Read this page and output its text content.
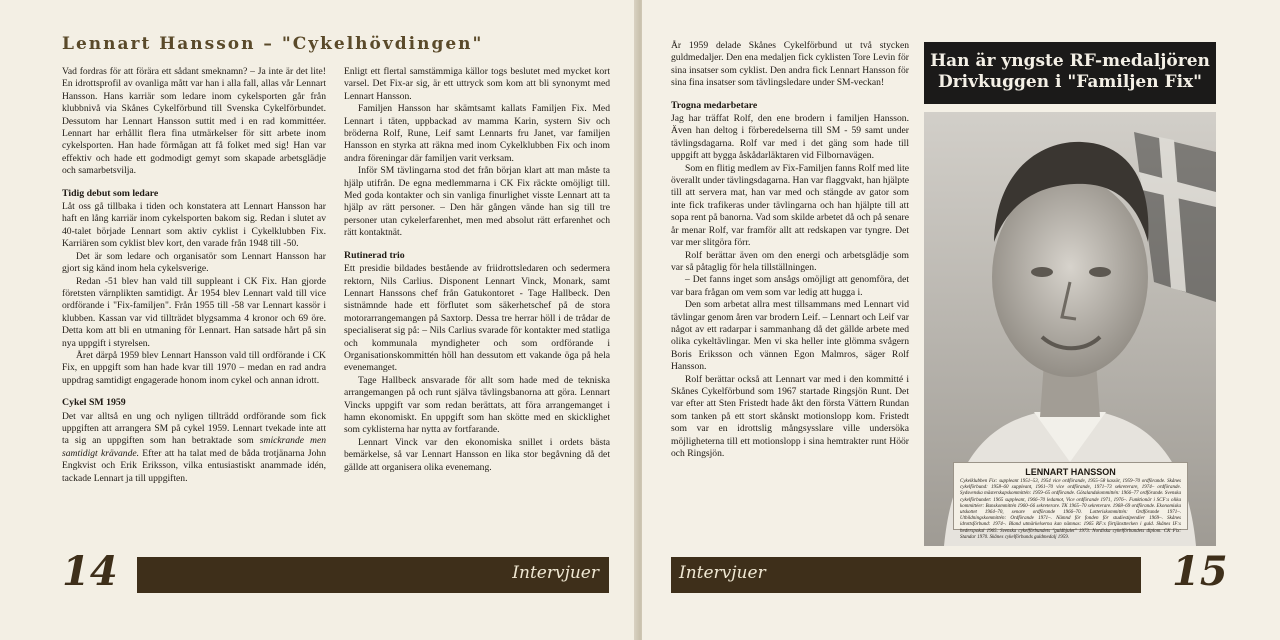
Lennart Hansson – "Cykelhövdingen"

Vad fordras för att förära ett sådant smeknamn? – Ja inte är det lite! En idrottsprofil av ovanliga mått var han i alla fall, allas vår Lennart Hansson. Hans karriär som ledare inom cykelsporten går från klubbnivå via Skånes Cykelförbund till Svenska Cykelförbundet. Dessutom har Lennart Hansson suttit med i en rad kommittéer. Lennart har erhållit flera fina utmärkelser för sitt arbete inom cykelsporten. Han hade förmågan att få folket med sig! Han var effektiv och hade ett godmodigt gemyt som skapade arbetsglädje och samarbetsvilja.

Tidig debut som ledare

Låt oss gå tillbaka i tiden och konstatera att Lennart Hansson har haft en lång karriär inom cykelsporten bakom sig. Redan i slutet av 40-talet började Lennart som aktiv cyklist i Cykelklubben Fix. Karriären som cyklist blev kort, den varade från 1948 till -50.

Det är som ledare och organisatör som Lennart Hansson har gjort sig känd inom hela cykelsverige.

Redan -51 blev han vald till suppleant i CK Fix. Han gjorde företsten värnplikten samtidigt. År 1954 blev Lennart vald till vice ordförande i "Fix-familjen". Från 1955 till -58 var Lennart kassör i klubben. Kassan var vid tillträdet blygsamma 4 kronor och 69 öre. Detta kom att bli en utmaning för Lennart. Han satsade hårt på sin nya uppgift i styrelsen.

Året därpå 1959 blev Lennart Hansson vald till ordförande i CK Fix, en uppgift som han hade kvar till 1970 – medan en rad andra uppdrag samtidigt engagerade honom inom cykel och annan idrott.

Cykel SM 1959

Det var alltså en ung och nyligen tillträdd ordförande som fick uppgiften att arrangera SM på cykel 1959. Lennart tvekade inte att ta sig an uppgiften som han betraktade som smickrande men samtidigt krävande. Efter att ha talat med de båda trotjänarna John Engkvist och Erik Eriksson, vilka entusiastiskt anammade idén, tackade Lennart ja till uppgiften.

Enligt ett flertal samstämmiga källor togs beslutet med mycket kort varsel. Det Fix-ar sig, är ett uttryck som kom att bli synonymt med Lennart Hansson.

Familjen Hansson har skämtsamt kallats Familjen Fix. Med Lennart i täten, uppbackad av mamma Karin, systern Siv och bröderna Rolf, Rune, Leif samt Lennarts fru Janet, var familjen Hansson en styrka att räkna med inom Cykelklubben Fix och inom andra föreningar där familjen varit verksam.

Inför SM tävlingarna stod det från början klart att man måste ta hjälp utifrån. De egna medlemmarna i CK Fix räckte omöjligt till. Med goda kontakter och sin vanliga finurlighet visste Lennart att ta hjälp av rätt personer. – Den här gången vände han sig till tre personer utan cykelerfarenhet, men med absolut rätt erfarenhet och rätt kontaktnät.

Rutinerad trio

Ett presidie bildades bestående av friidrottsledaren och sedermera rektorn, Nils Carlius. Disponent Lennart Vinck, Monark, samt Lennart Hanssons chef från Gatukontoret - Tage Hallbeck. Den sistnämnde hade ett förflutet som säkerhetschef på de stora motorarrangemangen på Saxtorp. Dessa tre herrar höll i de trådar de specialiserat sig på: – Nils Carlius svarade för kontakter med statliga och kommunala myndigheter och som ordförande i Organisationskommittén höll han dessutom ett vakande öga på hela evenemanget.

Tage Hallbeck ansvarade för allt som hade med de tekniska arrangemangen på och runt själva tävlingsbanorna att göra. Lennart Vincks uppgift var som redan berättats, att föra arrangemanget i hamn ekonomiskt. En uppgift som han skötte med en skicklighet som cyklisterna har nytta av fortfarande.

Lennart Vinck var den ekonomiska snillet i ordets bästa bemärkelse, så var Lennart Hansson en lika stor begåvning då det gällde att organisera olika evenemang.

14	Intervjuer

År 1959 delade Skånes Cykelförbund ut två stycken guldmedaljer. Den ena medaljen fick cyklisten Tore Levin för sina insatser som cyklist. Den andra fick Lennart Hansson för sina fina insatser som tävlingsledare under SM-veckan!

Trogna medarbetare

Jag har träffat Rolf, den ene brodern i familjen Hansson. Även han deltog i förberedelserna till SM - 59 samt under tävlingsdagarna. Rolf var med i det gäng som hade till uppgift att bygga åskådarläktaren vid Filbornavägen.

Som en flitig medlem av Fix-Familjen fanns Rolf med lite överallt under tävlingsdagarna. Han var flaggvakt, han hjälpte till att servera mat, han var med och stängde av gator som inte fick trafikeras under tävlingarna och han hjälpte till att sopa rent på banorna. Vad som skilde arbetet då och på senare år menar Rolf, var framför allt att redskapen var tyngre. Det var mer slitgöra förr.

Rolf berättar även om den energi och arbetsglädje som var så påtaglig för hela tillställningen.

– Det fanns inget som ansågs omöjligt att genomföra, det var bara frågan om vem som var ledig att hugga i.

Den som arbetat allra mest tillsammans med Lennart vid tävlingar genom åren var brodern Leif. – Lennart och Leif var något av ett radarpar i sammanhang då det gällde arbete med olika cykeltävlingar. Men vi ska heller inte glömma svågern Boris Eriksson och vännen Egon Malmros, säger Rolf Hansson.

Rolf berättar också att Lennart var med i den kommitté i Skånes Cykelförbund som 1967 startade Ringsjön Runt. Det var efter att Sten Fristedt hade åkt den första Vättern Rundan som tanken på ett stort skånskt motionslopp kom. Fristedt som var en idrottslig mångsysslare ville undersöka möjligheterna till ett motionslopp i sina hemtrakter runt Höör och Ringsjön.

Han är yngste RF-medaljören
Drivkuggen i "Familjen Fix"
LENNART HANSSON
Cykelklubben Fix: suppleant 1951–53, 1954 vice ordförande, 1955–58 kassör, 1959–70 ordförande. Skånes cykelförbund: 1958–60 suppleant, 1961–70 vice ordförande, 1971–73 sekreterare, 1974– ordförande. Sydsvenska mästerskapskommittén: 1959–65 ordförande. Götalandskommittén: 1966–77 ordförande. Svenska cykelförbundet: 1965 suppleant, 1966–70 ledamot, Vice ordförande 1971, 1976–. Funktionär i SCF:s olika kommittéer: Banskommittén 1960–66 sekreterare. TK 1965–70 sekreterare. 1968–69 ordförande. Ekonomiska utskottet 1964–70, senare ordförande 1966–70. Lotteriskommittén: Ordförande 1971–. Utbildningskommittén: Ordförande 1971–. Nämnd för fonden för studiestipendier 1969–. Skånes idrottsförbund: 1974–. Bland utmärkelserna kan nämnas: 1965 RF:s förtjänsttecken i guld. Skånes IF:s hederspokal 1965. Svenska cykelförbundets "guldhjulet" 1973. Nordiska cykelförbundets diplom. CK Fix: Standar 1970. Skånes cykelförbunds guldmedalj 1959.
Intervjuer	15
